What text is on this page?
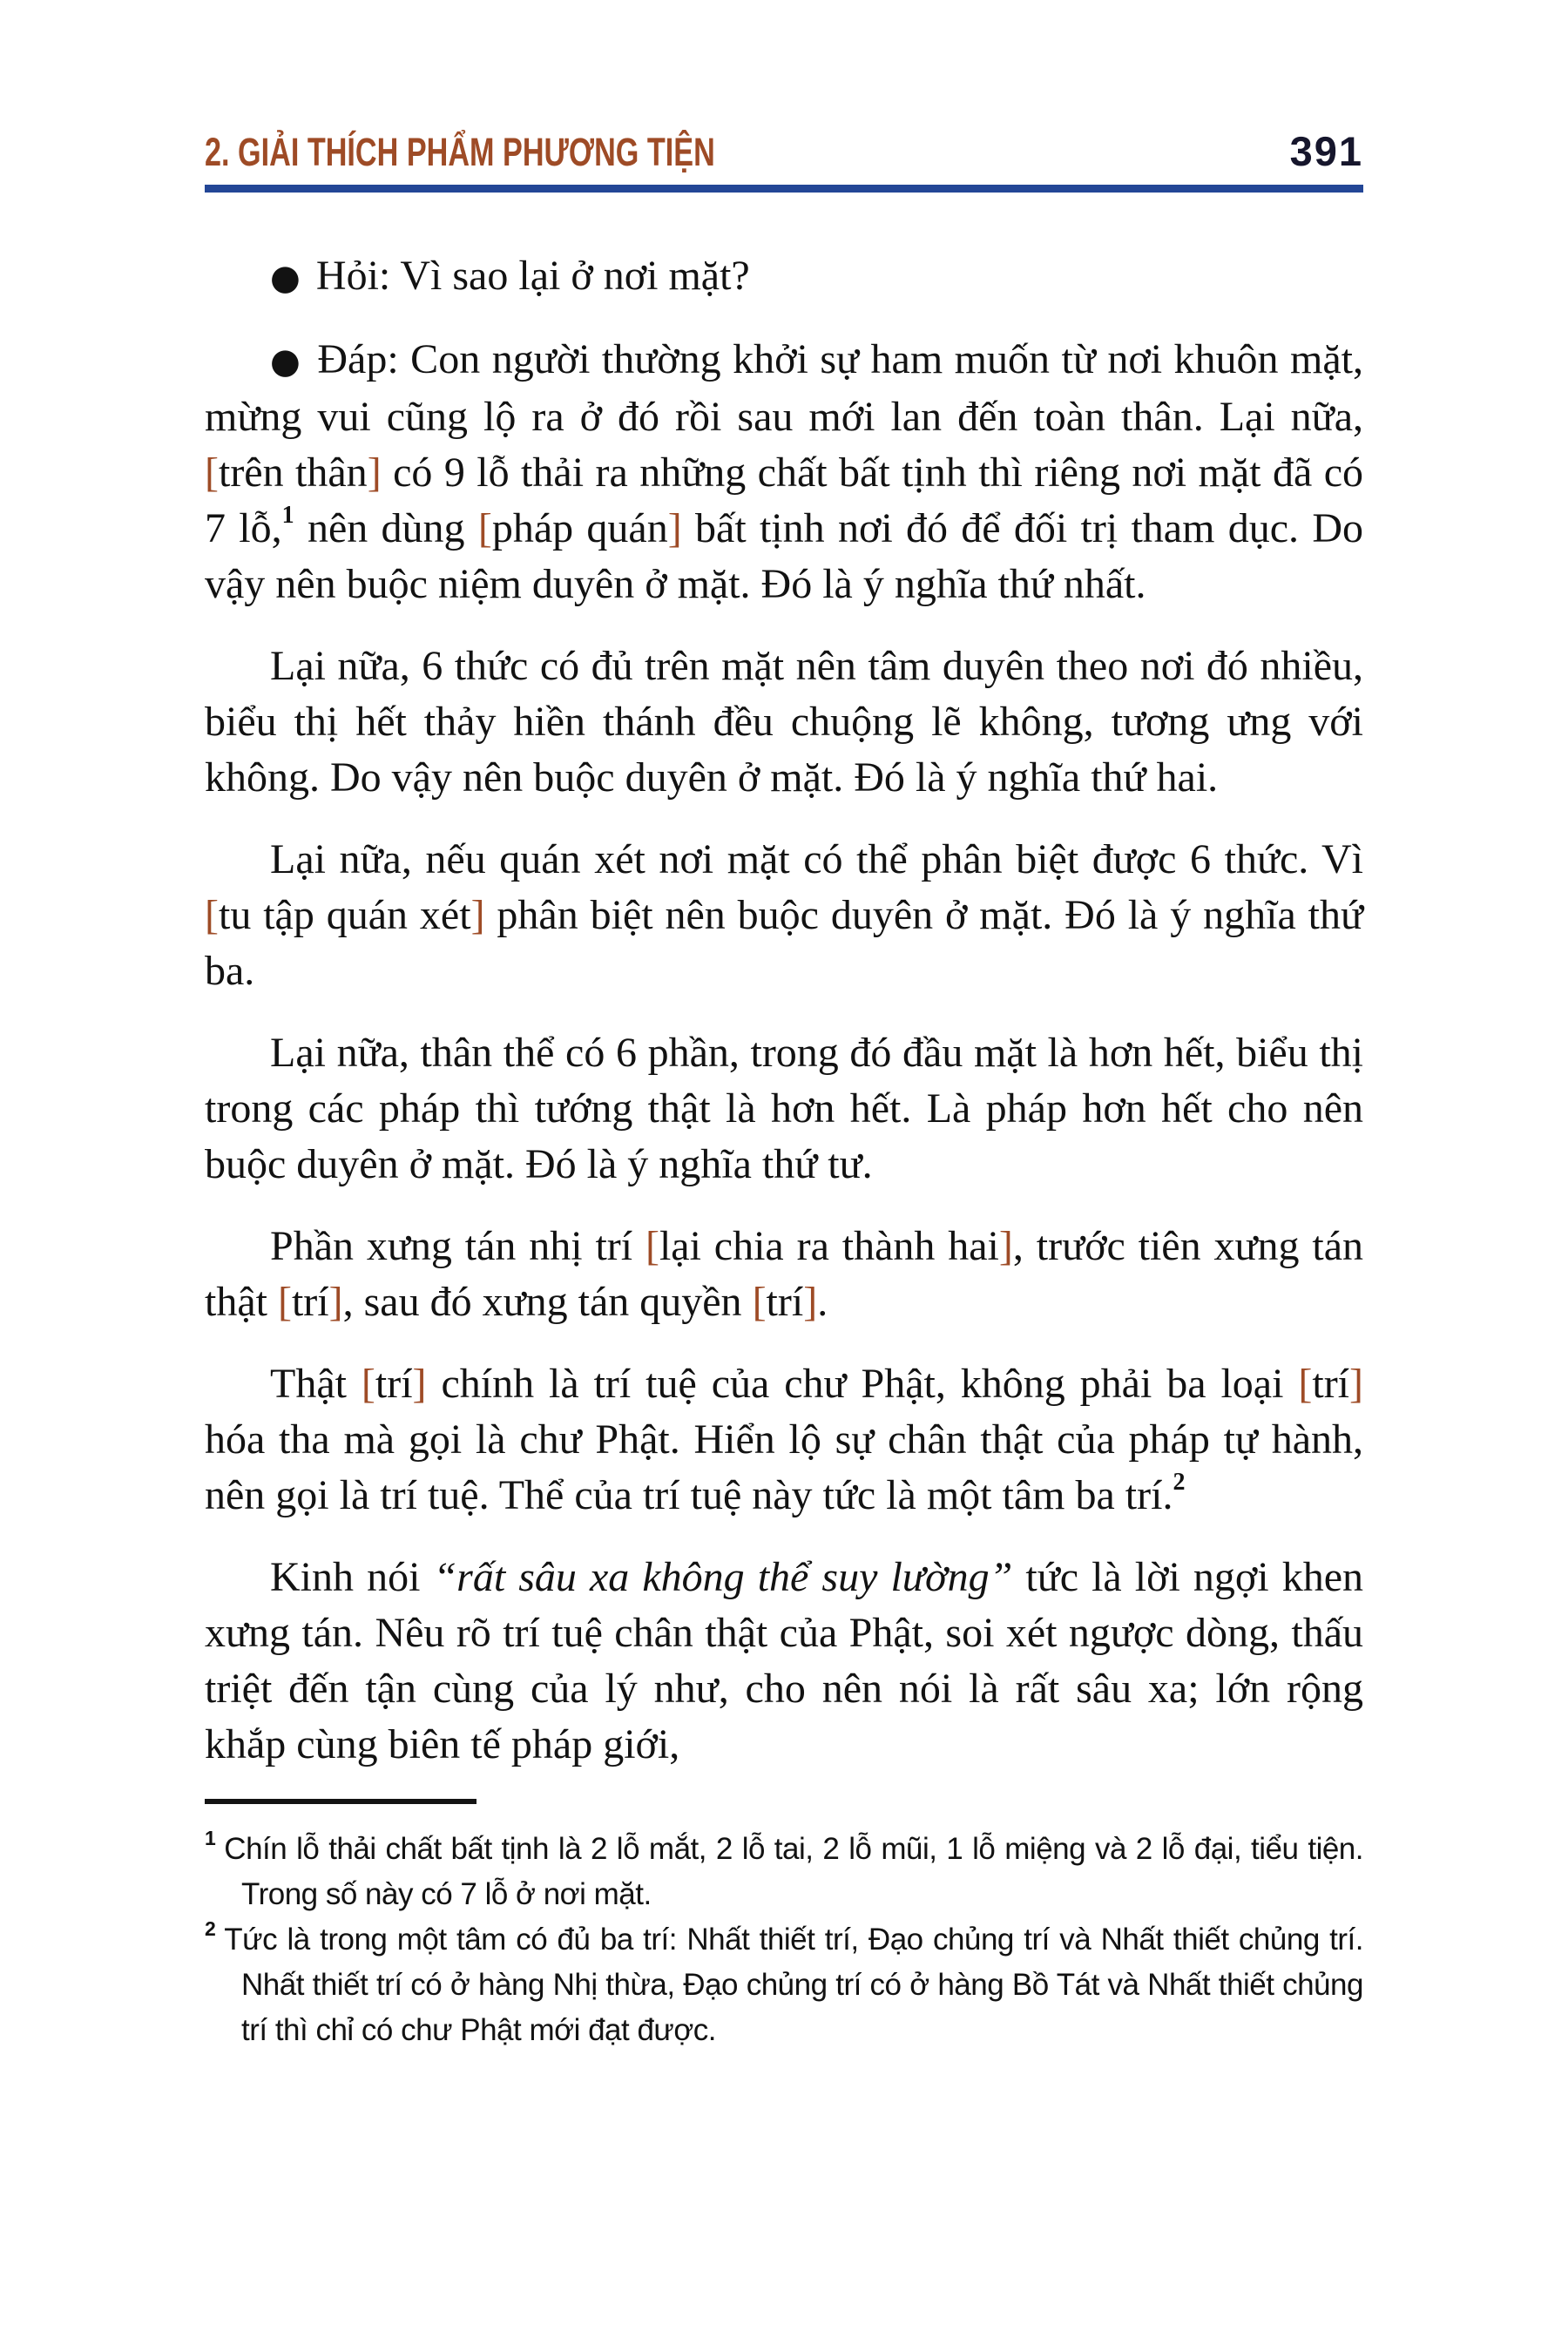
2. GIẢI THÍCH PHẨM PHƯƠNG TIỆN	391

● Hỏi: Vì sao lại ở nơi mặt?

● Đáp: Con người thường khởi sự ham muốn từ nơi khuôn mặt, mừng vui cũng lộ ra ở đó rồi sau mới lan đến toàn thân. Lại nữa, [trên thân] có 9 lỗ thải ra những chất bất tịnh thì riêng nơi mặt đã có 7 lỗ,$^1$ nên dùng [pháp quán] bất tịnh nơi đó để đối trị tham dục. Do vậy nên buộc niệm duyên ở mặt. Đó là ý nghĩa thứ nhất.

Lại nữa, 6 thức có đủ trên mặt nên tâm duyên theo nơi đó nhiều, biểu thị hết thảy hiền thánh đều chuộng lẽ không, tương ưng với không. Do vậy nên buộc duyên ở mặt. Đó là ý nghĩa thứ hai.

Lại nữa, nếu quán xét nơi mặt có thể phân biệt được 6 thức. Vì [tu tập quán xét] phân biệt nên buộc duyên ở mặt. Đó là ý nghĩa thứ ba.

Lại nữa, thân thể có 6 phần, trong đó đầu mặt là hơn hết, biểu thị trong các pháp thì tướng thật là hơn hết. Là pháp hơn hết cho nên buộc duyên ở mặt. Đó là ý nghĩa thứ tư.

Phần xưng tán nhị trí [lại chia ra thành hai], trước tiên xưng tán thật [trí], sau đó xưng tán quyền [trí].

Thật [trí] chính là trí tuệ của chư Phật, không phải ba loại [trí] hóa tha mà gọi là chư Phật. Hiển lộ sự chân thật của pháp tự hành, nên gọi là trí tuệ. Thể của trí tuệ này tức là một tâm ba trí.$^2$

Kinh nói “rất sâu xa không thể suy lường” tức là lời ngợi khen xưng tán. Nêu rõ trí tuệ chân thật của Phật, soi xét ngược dòng, thấu triệt đến tận cùng của lý như, cho nên nói là rất sâu xa; lớn rộng khắp cùng biên tế pháp giới,

$^1$ Chín lỗ thải chất bất tịnh là 2 lỗ mắt, 2 lỗ tai, 2 lỗ mũi, 1 lỗ miệng và 2 lỗ đại, tiểu tiện. Trong số này có 7 lỗ ở nơi mặt.

$^2$ Tức là trong một tâm có đủ ba trí: Nhất thiết trí, Đạo chủng trí và Nhất thiết chủng trí. Nhất thiết trí có ở hàng Nhị thừa, Đạo chủng trí có ở hàng Bồ Tát và Nhất thiết chủng trí thì chỉ có chư Phật mới đạt được.
